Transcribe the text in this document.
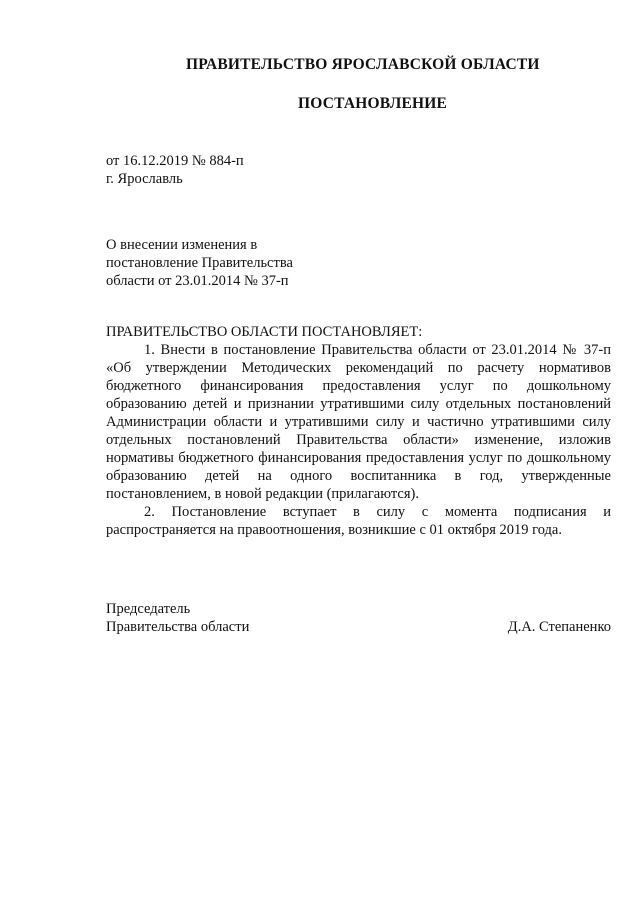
ПРАВИТЕЛЬСТВО ЯРОСЛАВСКОЙ ОБЛАСТИ
ПОСТАНОВЛЕНИЕ
от 16.12.2019 № 884-п
г. Ярославль
О внесении изменения в
постановление Правительства
области от 23.01.2014 № 37-п
ПРАВИТЕЛЬСТВО ОБЛАСТИ ПОСТАНОВЛЯЕТ:

1. Внести в постановление Правительства области от 23.01.2014 № 37-п «Об утверждении Методических рекомендаций по расчету нормативов бюджетного финансирования предоставления услуг по дошкольному образованию детей и признании утратившими силу отдельных постановлений Администрации области и утратившими силу и частично утратившими силу отдельных постановлений Правительства области» изменение, изложив нормативы бюджетного финансирования предоставления услуг по дошкольному образованию детей на одного воспитанника в год, утвержденные постановлением, в новой редакции (прилагаются).

2. Постановление вступает в силу с момента подписания и распространяется на правоотношения, возникшие с 01 октября 2019 года.

Председатель
Правительства области	Д.А. Степаненко
